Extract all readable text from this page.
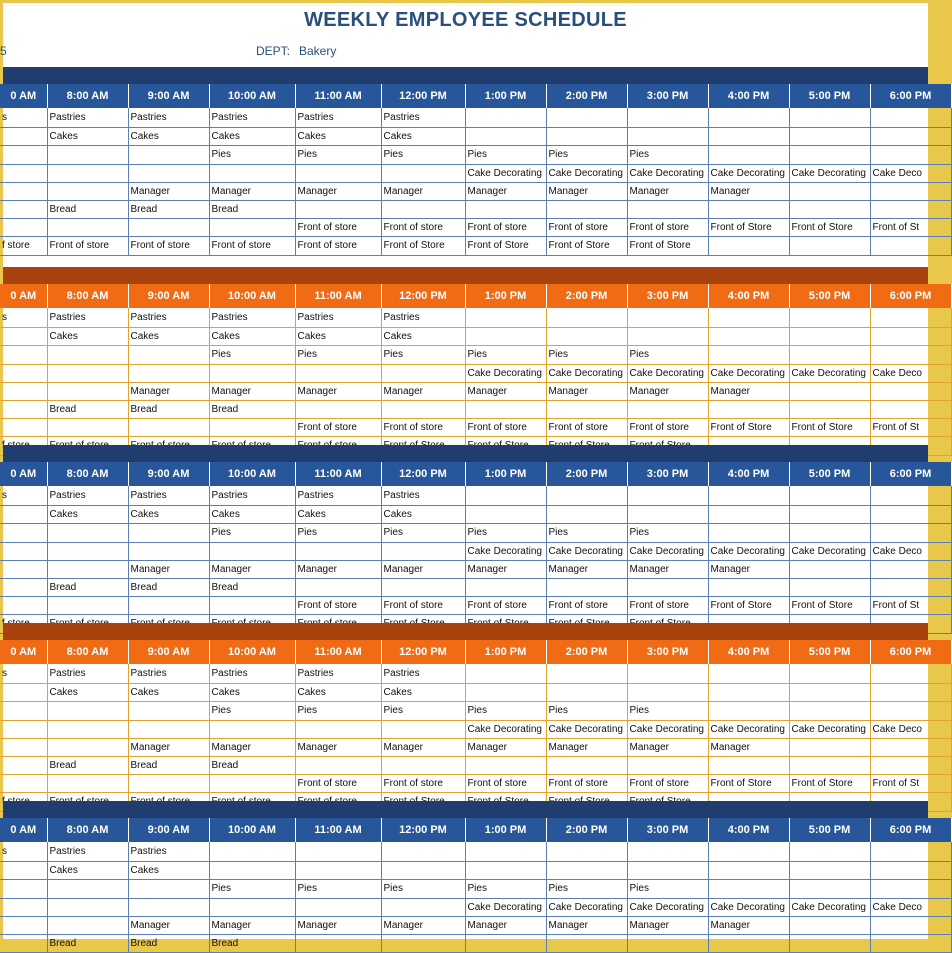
WEEKLY EMPLOYEE SCHEDULE
5	DEPT: Bakery
0 AM	8:00 AM	9:00 AM	10:00 AM	11:00 AM	12:00 PM	1:00 PM	2:00 PM	3:00 PM	4:00 PM	5:00 PM	6:00 PM
s	Pastries	Pastries	Pastries	Pastries	Pastries						
	Cakes	Cakes	Cakes	Cakes	Cakes						
			Pies	Pies	Pies	Pies	Pies	Pies			
						Cake Decorating	Cake Decorating	Cake Decorating	Cake Decorating	Cake Decorating	Cake Deco
		Manager	Manager	Manager	Manager	Manager	Manager	Manager	Manager		
	Bread	Bread	Bread								
				Front of store	Front of store	Front of store	Front of store	Front of store	Front of Store	Front of Store	Front of St
f store	Front of store	Front of store	Front of store	Front of store	Front of Store	Front of Store	Front of Store	Front of Store			
0 AM	8:00 AM	9:00 AM	10:00 AM	11:00 AM	12:00 PM	1:00 PM	2:00 PM	3:00 PM	4:00 PM	5:00 PM	6:00 PM
s	Pastries	Pastries	Pastries	Pastries	Pastries						
	Cakes	Cakes	Cakes	Cakes	Cakes						
			Pies	Pies	Pies	Pies	Pies	Pies			
						Cake Decorating	Cake Decorating	Cake Decorating	Cake Decorating	Cake Decorating	Cake Deco
		Manager	Manager	Manager	Manager	Manager	Manager	Manager	Manager		
	Bread	Bread	Bread								
				Front of store	Front of store	Front of store	Front of store	Front of store	Front of Store	Front of Store	Front of St

0 AM	8:00 AM	9:00 AM	10:00 AM	11:00 AM	12:00 PM	1:00 PM	2:00 PM	3:00 PM	4:00 PM	5:00 PM	6:00 PM
s	Pastries	Pastries	Pastries	Pastries	Pastries						
	Cakes	Cakes	Cakes	Cakes	Cakes						
			Pies	Pies	Pies	Pies	Pies	Pies			
						Cake Decorating	Cake Decorating	Cake Decorating	Cake Decorating	Cake Decorating	Cake Deco
		Manager	Manager	Manager	Manager	Manager	Manager	Manager	Manager		
	Bread	Bread	Bread								
				Front of store	Front of store	Front of store	Front of store	Front of store	Front of Store	Front of Store	Front of St

0 AM	8:00 AM	9:00 AM	10:00 AM	11:00 AM	12:00 PM	1:00 PM	2:00 PM	3:00 PM	4:00 PM	5:00 PM	6:00 PM
s	Pastries	Pastries	Pastries	Pastries	Pastries						
	Cakes	Cakes	Cakes	Cakes	Cakes						
			Pies	Pies	Pies	Pies	Pies	Pies			
						Cake Decorating	Cake Decorating	Cake Decorating	Cake Decorating	Cake Decorating	Cake Deco
		Manager	Manager	Manager	Manager	Manager	Manager	Manager	Manager		
	Bread	Bread	Bread								
				Front of store	Front of store	Front of store	Front of store	Front of store	Front of Store	Front of Store	Front of St

0 AM	8:00 AM	9:00 AM	10:00 AM	11:00 AM	12:00 PM	1:00 PM	2:00 PM	3:00 PM	4:00 PM	5:00 PM	6:00 PM
s	Pastries	Pastries									
	Cakes	Cakes									
			Pies	Pies	Pies	Pies	Pies	Pies			
						Cake Decorating	Cake Decorating	Cake Decorating	Cake Decorating	Cake Decorating	Cake Deco
		Manager	Manager	Manager	Manager	Manager	Manager	Manager	Manager		
	Bread	Bread	Bread								
